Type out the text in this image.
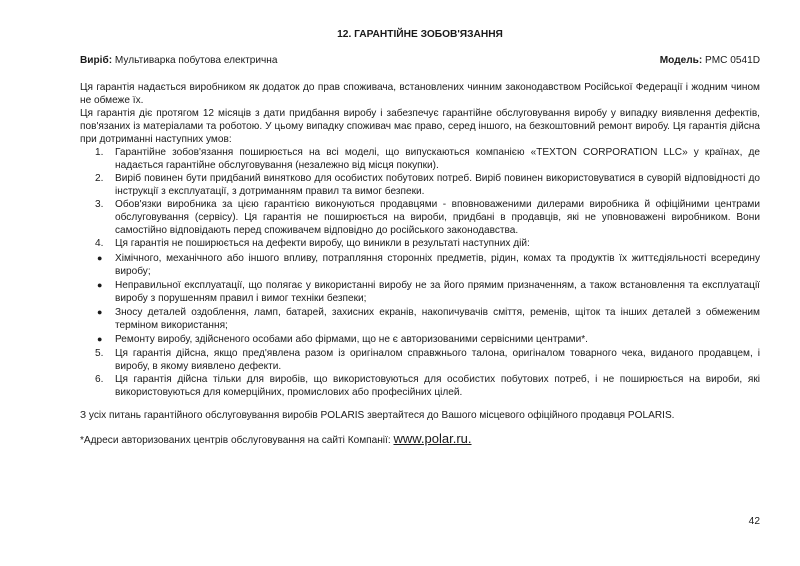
12. ГАРАНТІЙНЕ ЗОБОВ'ЯЗАННЯ
Виріб: Мультиварка побутова електрична	Модель: PMC 0541D

Ця гарантія надається виробником як додаток до прав споживача, встановлених чинним законодавством Російської Федерації і жодним чином не обмеже їх.

Ця гарантія діє протягом 12 місяців з дати придбання виробу і забезпечує гарантійне обслуговування виробу у випадку виявлення дефектів, пов'язаних із матеріалами та роботою. У цьому випадку споживач має право, серед іншого, на безкоштовний ремонт виробу. Ця гарантія дійсна при дотриманні наступних умов:

1. Гарантійне зобов'язання поширюється на всі моделі, що випускаються компанією «TEXTON CORPORATION LLC» у країнах, де надається гарантійне обслуговування (незалежно від місця покупки).
2. Виріб повинен бути придбаний винятково для особистих побутових потреб. Виріб повинен використовуватися в суворій відповідності до інструкції з експлуатації, з дотриманням правил та вимог безпеки.
3. Обов'язки виробника за цією гарантією виконуються продавцями - вповноваженими дилерами виробника й офіційними центрами обслуговування (сервісу). Ця гарантія не поширюється на вироби, придбані в продавців, які не уповноважені виробником. Вони самостійно відповідають перед споживачем відповідно до російського законодавства.
4. Ця гарантія не поширюється на дефекти виробу, що виникли в результаті наступних дій:
● Хімічного, механічного або іншого впливу, потрапляння сторонніх предметів, рідин, комах та продуктів їх життєдіяльності всередину виробу;
● Неправильної експлуатації, що полягає у використанні виробу не за його прямим призначенням, а також встановлення та експлуатації виробу з порушенням правил і вимог техніки безпеки;
● Зносу деталей оздоблення, ламп, батарей, захисних екранів, накопичувачів сміття, ременів, щіток та інших деталей з обмеженим терміном використання;
● Ремонту виробу, здійсненого особами або фірмами, що не є авторизованими сервісними центрами*.
5. Ця гарантія дійсна, якщо пред'явлена разом із оригіналом справжнього талона, оригіналом товарного чека, виданого продавцем, і виробу, в якому виявлено дефекти.
6. Ця гарантія дійсна тільки для виробів, що використовуються для особистих побутових потреб, і не поширюється на вироби, які використовуються для комерційних, промислових або професійних цілей.

З усіх питань гарантійного обслуговування виробів POLARIS звертайтеся до Вашого місцевого офіційного продавця POLARIS.

*Адреси авторизованих центрів обслуговування на сайті Компанії: www.polar.ru.

42
